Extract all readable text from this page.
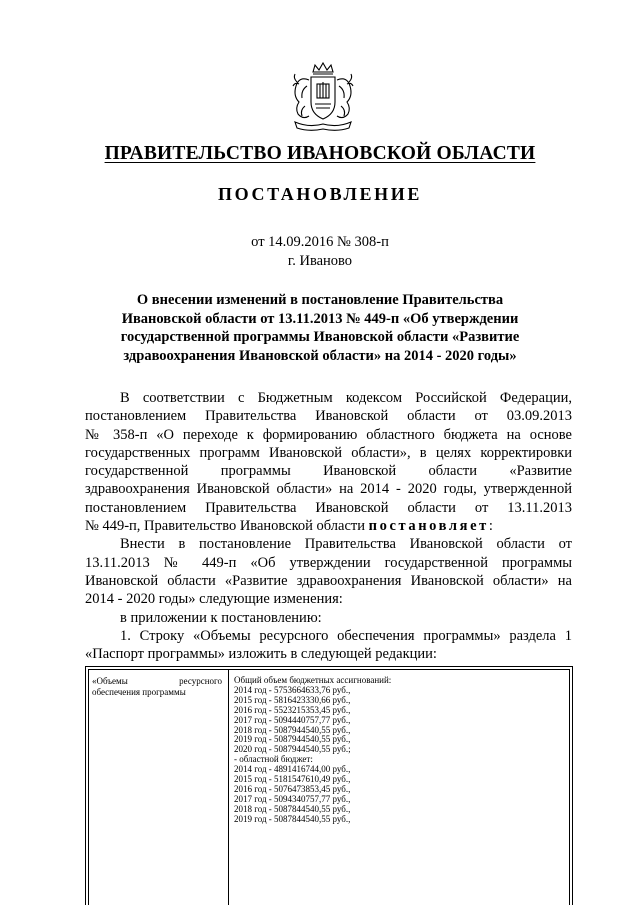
ПРАВИТЕЛЬСТВО ИВАНОВСКОЙ ОБЛАСТИ
ПОСТАНОВЛЕНИЕ
от 14.09.2016 № 308-п
г. Иваново
О внесении изменений в постановление Правительства
Ивановской области от 13.11.2013 № 449-п «Об утверждении
государственной программы Ивановской области «Развитие
здравоохранения Ивановской области» на 2014 - 2020 годы»
В соответствии с Бюджетным кодексом Российской Федерации,
постановлением Правительства Ивановской области от 03.09.2013
№ 358-п «О переходе к формированию областного бюджета на основе
государственных программ Ивановской области», в целях корректировки
государственной программы Ивановской области «Развитие
здравоохранения Ивановской области» на 2014 - 2020 годы, утвержденной
постановлением Правительства Ивановской области от 13.11.2013
№ 449-п, Правительство Ивановской области постановляет:
Внести в постановление Правительства Ивановской области от
13.11.2013 № 449-п «Об утверждении государственной программы
Ивановской области «Развитие здравоохранения Ивановской области» на
2014 - 2020 годы» следующие изменения:
в приложении к постановлению:
1. Строку «Объемы ресурсного обеспечения программы» раздела 1
«Паспорт программы» изложить в следующей редакции:
«Объемы ресурсного
обеспечения программы
Общий объем бюджетных ассигнований:
2014 год - 5753664633,76 руб.,
2015 год - 5816423330,66 руб.,
2016 год - 5523215353,45 руб.,
2017 год - 5094440757,77 руб.,
2018 год - 5087944540,55 руб.,
2019 год - 5087944540,55 руб.,
2020 год - 5087944540,55 руб.;
- областной бюджет:
2014 год - 4891416744,00 руб.,
2015 год - 5181547610,49 руб.,
2016 год - 5076473853,45 руб.,
2017 год - 5094340757,77 руб.,
2018 год - 5087844540,55 руб.,
2019 год - 5087844540,55 руб.,
